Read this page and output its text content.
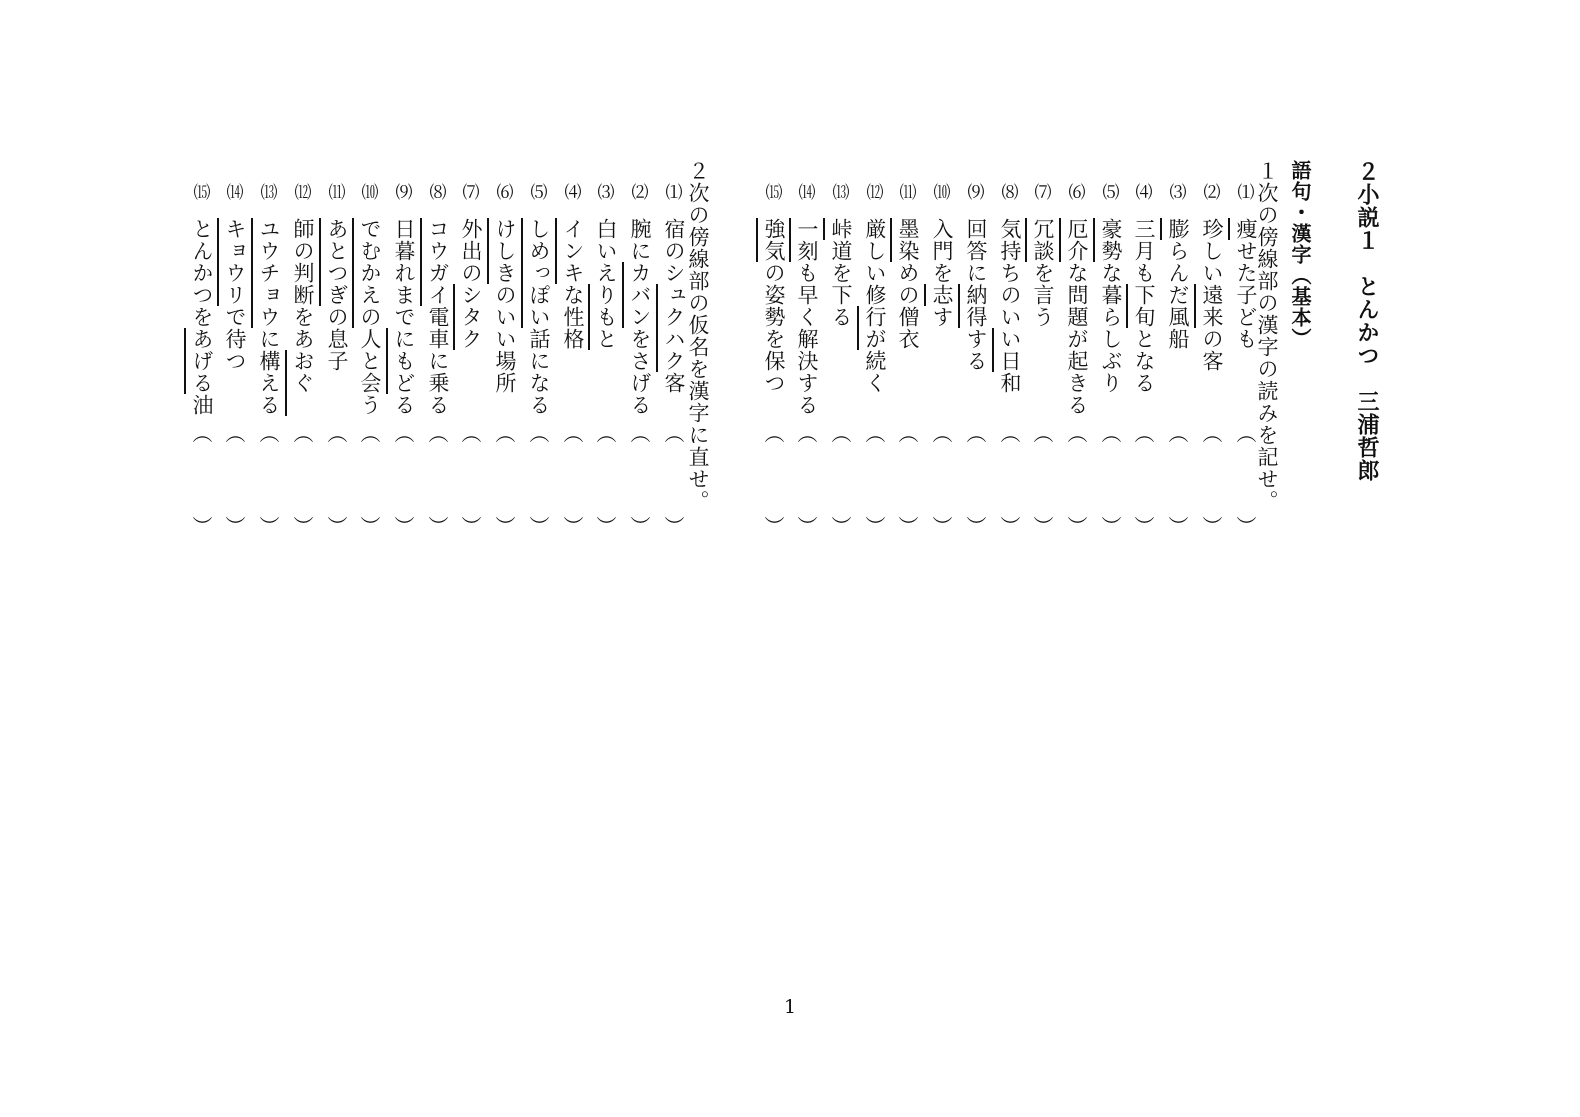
２小説１　とんかつ　三浦哲郎
語句・漢字（基本）
１次の傍線部の漢字の読みを記せ。
⑴
痩せた子ども
（
）
⑵
珍しい遠来の客
（
）
⑶
膨らんだ風船
（
）
⑷
三月も下旬となる
（
）
⑸
豪勢な暮らしぶり
（
）
⑹
厄介な問題が起きる
（
）
⑺
冗談を言う
（
）
⑻
気持ちのいい日和
（
）
⑼
回答に納得する
（
）
⑽
入門を志す
（
）
⑾
墨染めの僧衣
（
）
⑿
厳しい修行が続く
（
）
⒀
峠道を下る
（
）
⒁
一刻も早く解決する
（
）
⒂
強気の姿勢を保つ
（
）
２次の傍線部の仮名を漢字に直せ。
⑴
宿のシュクハク客
（
）
⑵
腕にカバンをさげる
（
）
⑶
白いえりもと
（
）
⑷
インキな性格
（
）
⑸
しめっぽい話になる
（
）
⑹
けしきのいい場所
（
）
⑺
外出のシタク
（
）
⑻
コウガイ電車に乗る
（
）
⑼
日暮れまでにもどる
（
）
⑽
でむかえの人と会う
（
）
⑾
あとつぎの息子
（
）
⑿
師の判断をあおぐ
（
）
⒀
ユウチョウに構える
（
）
⒁
キョウリで待つ
（
）
⒂
とんかつをあげる油
（
）
1
